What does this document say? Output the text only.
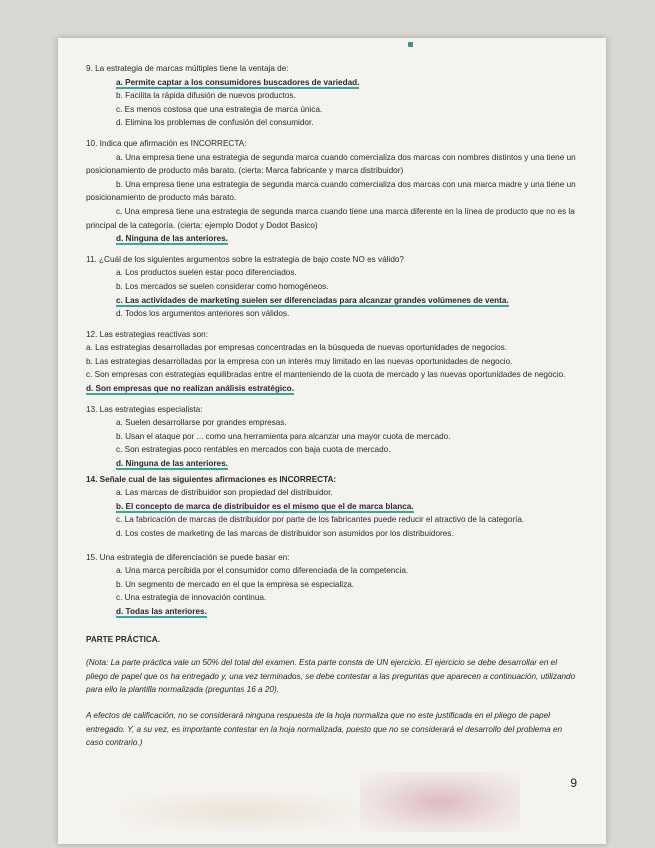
9. La estrategia de marcas múltiples tiene la ventaja de:

a. Permite captar a los consumidores buscadores de variedad.

b. Facilita la rápida difusión de nuevos productos.

c. Es menos costosa que una estrategia de marca única.

d. Elimina los problemas de confusión del consumidor.

10. Indica que afirmación es INCORRECTA:

a. Una empresa tiene una estrategia de segunda marca cuando comercializa dos marcas con nombres distintos y una tiene un posicionamiento de producto más barato. (cierta: Marca fabricante y marca distribuidor)

b. Una empresa tiene una estrategia de segunda marca cuando comercializa dos marcas con una marca madre y una tiene un posicionamiento de producto más barato.

c. Una empresa tiene una estrategia de segunda marca cuando tiene una marca diferente en la línea de producto que no es la principal de la categoría. (cierta: ejemplo Dodot y Dodot Basico)

d. Ninguna de las anteriores.

11. ¿Cuál de los siguientes argumentos sobre la estrategia de bajo coste NO es válido?

a. Los productos suelen estar poco diferenciados.

b. Los mercados se suelen considerar como homogéneos.

c. Las actividades de marketing suelen ser diferenciadas para alcanzar grandes volúmenes de venta.

d. Todos los argumentos anteriores son válidos.

12. Las estrategias reactivas son:

a. Las estrategias desarrolladas por empresas concentradas en la búsqueda de nuevas oportunidades de negocios.

b. Las estrategias desarrolladas por la empresa con un interés muy limitado en las nuevas oportunidades de negocio.

c. Son empresas con estrategias equilibradas entre el manteniendo de la cuota de mercado y las nuevas oportunidades de negocio.

d. Son empresas que no realizan análisis estratégico.

13. Las estrategias especialista:

a. Suelen desarrollarse por grandes empresas.

b. Usan el ataque por ... como una herramienta para alcanzar una mayor cuota de mercado.

c. Son estrategias poco rentables en mercados con baja cuota de mercado.

d. Ninguna de las anteriores.

14. Señale cual de las siguientes afirmaciones es INCORRECTA:

a. Las marcas de distribuidor son propiedad del distribuidor.

b. El concepto de marca de distribuidor es el mismo que el de marca blanca.

c. La fabricación de marcas de distribuidor por parte de los fabricantes puede reducir el atractivo de la categoría.

d. Los costes de marketing de las marcas de distribuidor son asumidos por los distribuidores.

15. Una estrategia de diferenciación se puede basar en:

a. Una marca percibida por el consumidor como diferenciada de la competencia.

b. Un segmento de mercado en el que la empresa se especializa.

c. Una estrategia de innovación continua.

d. Todas las anteriores.

PARTE PRÁCTICA.

(Nota: La parte práctica vale un 50% del total del examen. Esta parte consta de UN ejercicio. El ejercicio se debe desarrollar en el pliego de papel que os ha entregado y, una vez terminados, se debe contestar a las preguntas que aparecen a continuación, utilizando para ello la plantilla normalizada (preguntas 16 a 20).

A efectos de calificación, no se considerará ninguna respuesta de la hoja normaliza que no este justificada en el pliego de papel entregado. Y, a su vez, es importante contestar en la hoja normalizada, puesto que no se considerará el desarrollo del problema en caso contrario.)

9
